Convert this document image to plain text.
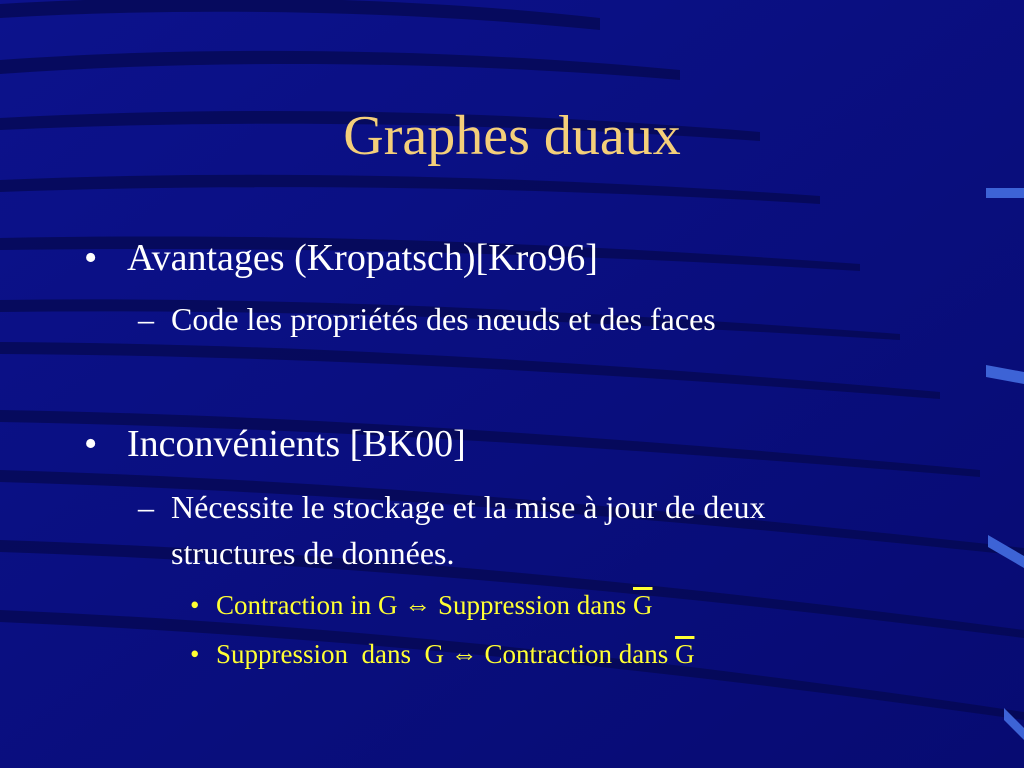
Graphes duaux
• Avantages (Kropatsch)[Kro96]
– Code les propriétés des nœuds et des faces
• Inconvénients [BK00]
– Nécessite le stockage et la mise à jour de deux
structures de données.
• Contraction in G ⇔ Suppression dans $\overline{G}$
• Suppression  dans  G ⇔ Contraction dans $\overline{G}$
